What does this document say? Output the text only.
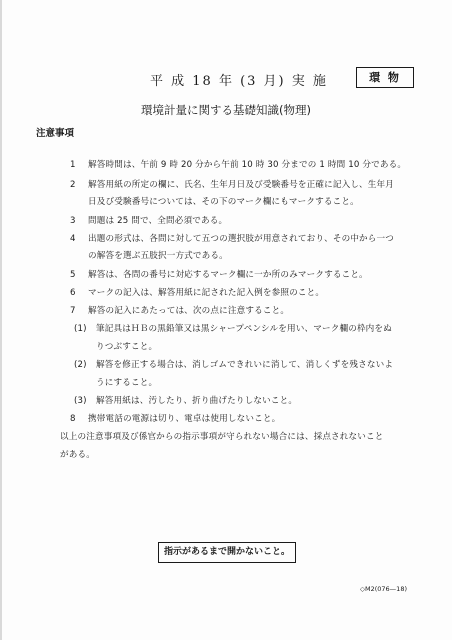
平 成 18 年 (3 月) 実 施	環 物
環境計量に関する基礎知識(物理)
注意事項
1 解答時間は、午前 9 時 20 分から午前 10 時 30 分までの 1 時間 10 分である。
2 解答用紙の所定の欄に、氏名、生年月日及び受験番号を正確に記入し、生年月
日及び受験番号については、その下のマーク欄にもマークすること。
3 問題は 25 問で、全問必須である。
4 出題の形式は、各問に対して五つの選択肢が用意されており、その中から一つ
の解答を選ぶ五肢択一方式である。
5 解答は、各問の番号に対応するマーク欄に一か所のみマークすること。
6 マークの記入は、解答用紙に記された記入例を参照のこと。
7 解答の記入にあたっては、次の点に注意すること。
(1) 筆記具はＨＢの黒鉛筆又は黒シャープペンシルを用い、マーク欄の枠内をぬ
りつぶすこと。
(2) 解答を修正する場合は、消しゴムできれいに消して、消しくずを残さないよ
うにすること。
(3) 解答用紙は、汚したり、折り曲げたりしないこと。
8 携帯電話の電源は切り、電卓は使用しないこと。
以上の注意事項及び係官からの指示事項が守られない場合には、採点されないこと
がある。
指示があるまで開かないこと。
◇M2(076—18)
